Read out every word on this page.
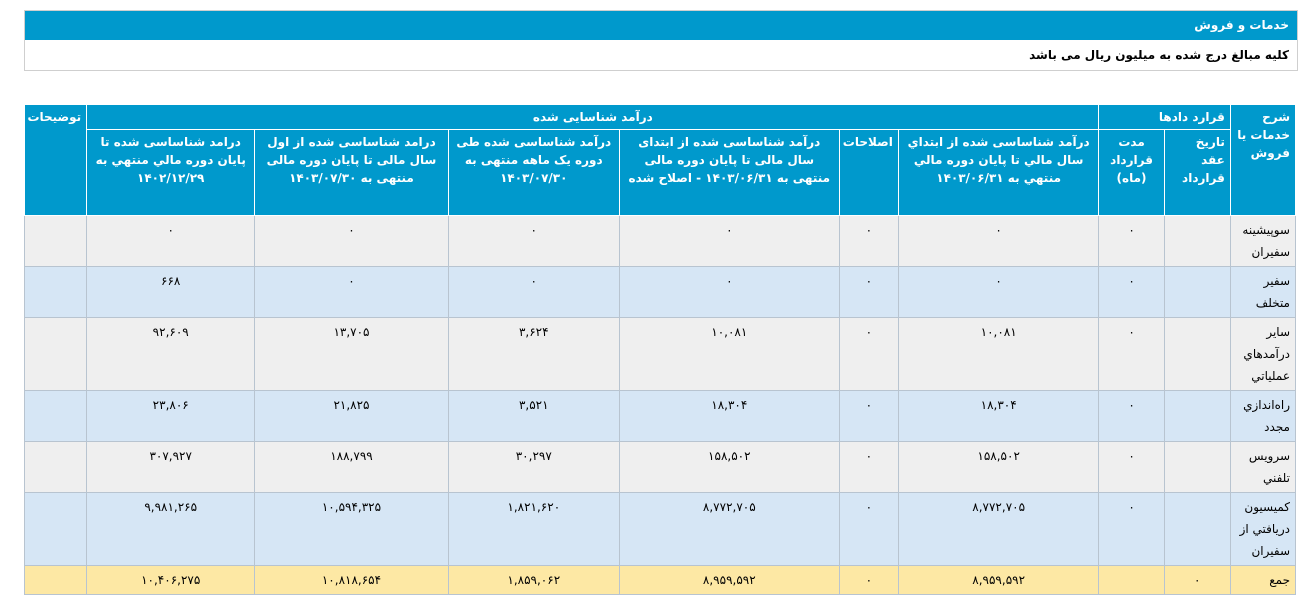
خدمات و فروش
کلیه مبالغ درج شده به میلیون ریال می باشد
شرح خدمات یا فروش	قرارد دادها		درآمد شناسایی شده						توضیحات
	تاریخ عقد قرارداد	مدت قرارداد (ماه)	درآمد شناساسی شده از ابتداي سال مالي تا پایان دوره مالي منتهي به ۱۴۰۳/۰۶/۳۱	اصلاحات	درآمد شناساسی شده از ابتدای سال مالی تا پایان دوره مالی منتهی به ۱۴۰۳/۰۶/۳۱ - اصلاح شده	درآمد شناساسی شده طی دوره یک ماهه منتهی به ۱۴۰۳/۰۷/۳۰	درامد شناساسی شده از اول سال مالی تا پایان دوره مالی منتهی به ۱۴۰۳/۰۷/۳۰	درامد شناساسی شده تا پایان دوره مالي منتهي به ۱۴۰۲/۱۲/۲۹	
سوپیشینه سفیران		۰	۰	۰	۰	۰	۰	۰	
سفیر متخلف		۰	۰	۰	۰	۰	۰	۶۶۸	
سایر درآمدهاي عملیاتي		۰	۱۰,۰۸۱	۰	۱۰,۰۸۱	۳,۶۲۴	۱۳,۷۰۵	۹۲,۶۰۹	
راه‌اندازي مجدد		۰	۱۸,۳۰۴	۰	۱۸,۳۰۴	۳,۵۲۱	۲۱,۸۲۵	۲۳,۸۰۶	
سرويس تلفني		۰	۱۵۸,۵۰۲	۰	۱۵۸,۵۰۲	۳۰,۲۹۷	۱۸۸,۷۹۹	۳۰۷,۹۲۷	
کمیسیون دریافتي از سفیران		۰	۸,۷۷۲,۷۰۵	۰	۸,۷۷۲,۷۰۵	۱,۸۲۱,۶۲۰	۱۰,۵۹۴,۳۲۵	۹,۹۸۱,۲۶۵	
جمع	۰		۸,۹۵۹,۵۹۲	۰	۸,۹۵۹,۵۹۲	۱,۸۵۹,۰۶۲	۱۰,۸۱۸,۶۵۴	۱۰,۴۰۶,۲۷۵	
